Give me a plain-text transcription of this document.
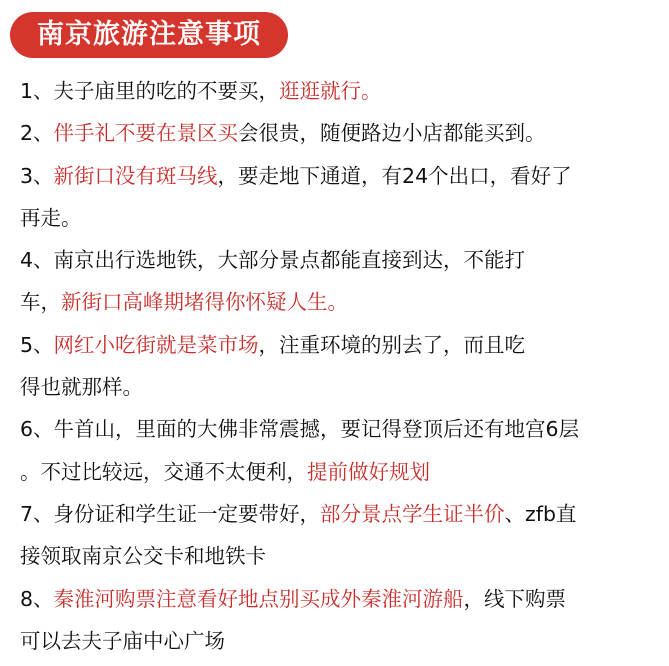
南京旅游注意事项
1、夫子庙里的吃的不要买，逛逛就行。
2、伴手礼不要在景区买会很贵，随便路边小店都能买到。
3、新街口没有斑马线，要走地下通道，有24个出口，看好了
再走。
4、南京出行选地铁，大部分景点都能直接到达，不能打
车，新街口高峰期堵得你怀疑人生。
5、网红小吃街就是菜市场，注重环境的别去了，而且吃
得也就那样。
6、牛首山，里面的大佛非常震撼，要记得登顶后还有地宫6层
。不过比较远，交通不太便利，提前做好规划
7、身份证和学生证一定要带好，部分景点学生证半价、zfb直
接领取南京公交卡和地铁卡
8、秦淮河购票注意看好地点别买成外秦淮河游船，线下购票
可以去夫子庙中心广场
